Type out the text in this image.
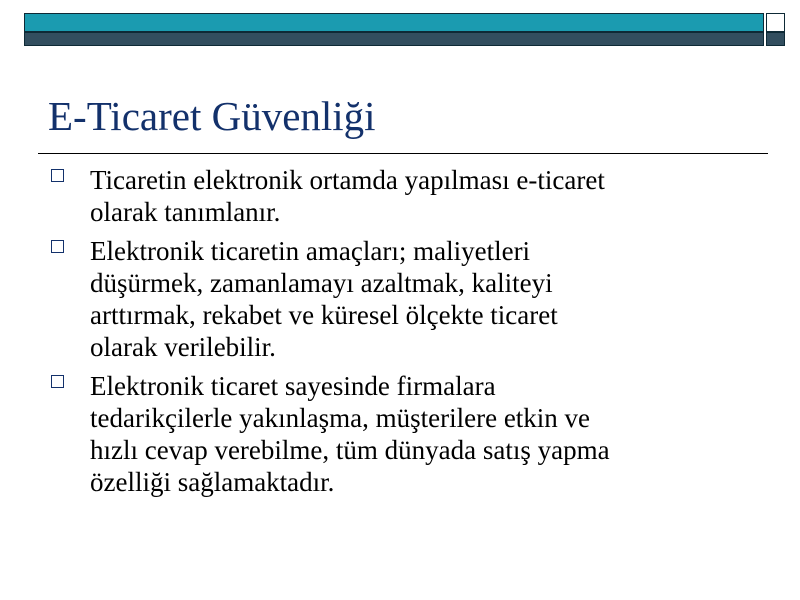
E-Ticaret Güvenliği
Ticaretin elektronik ortamda yapılması e-ticaret
olarak tanımlanır.
Elektronik ticaretin amaçları; maliyetleri
düşürmek, zamanlamayı azaltmak, kaliteyi
arttırmak, rekabet ve küresel ölçekte ticaret
olarak verilebilir.
Elektronik ticaret sayesinde firmalara
tedarikçilerle yakınlaşma, müşterilere etkin ve
hızlı cevap verebilme, tüm dünyada satış yapma
özelliği sağlamaktadır.
